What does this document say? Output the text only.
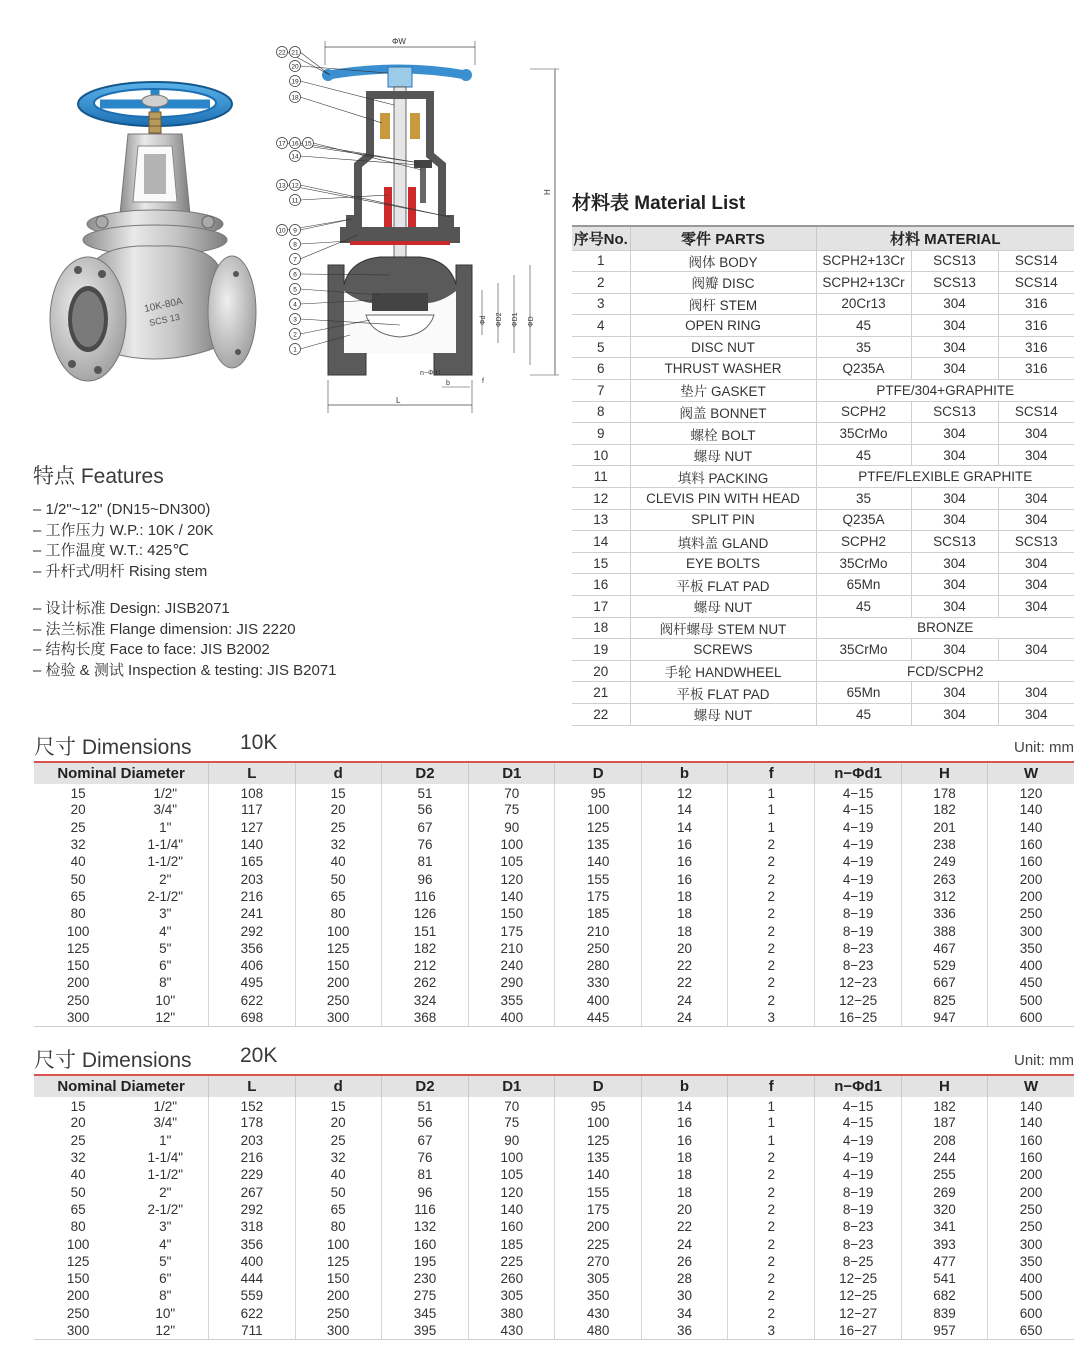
10K-80A
SCS 13
ΦW
H
Φd ΦD2 ΦD1 ΦD
n−Φd1
b	f
L
22 21
20
19
18
17 16 15
14
13 12
11
10 9
8
7
6
5
4
3
2
1
特点 Features
– 1/2"~12" (DN15~DN300)
– 工作压力 W.P.: 10K / 20K
– 工作温度 W.T.: 425℃
– 升杆式/明杆 Rising stem
– 设计标准 Design: JISB2071
– 法兰标准 Flange dimension: JIS 2220
– 结构长度 Face to face: JIS B2002
– 检验 & 测试 Inspection & testing: JIS B2071
材料表 Material List
序号No.	零件 PARTS	材料 MATERIAL		
1	阀体 BODY	SCPH2+13Cr	SCS13	SCS14
2	阀瓣 DISC	SCPH2+13Cr	SCS13	SCS14
3	阀杆 STEM	20Cr13	304	316
4	OPEN RING	45	304	316
5	DISC NUT	35	304	316
6	THRUST WASHER	Q235A	304	316
7	垫片 GASKET	PTFE/304+GRAPHITE		
8	阀盖 BONNET	SCPH2	SCS13	SCS14
9	螺栓 BOLT	35CrMo	304	304
10	螺母 NUT	45	304	304
11	填料 PACKING	PTFE/FLEXIBLE GRAPHITE		
12	CLEVIS PIN WITH HEAD	35	304	304
13	SPLIT PIN	Q235A	304	304
14	填料盖 GLAND	SCPH2	SCS13	SCS13
15	EYE BOLTS	35CrMo	304	304
16	平板 FLAT PAD	65Mn	304	304
17	螺母 NUT	45	304	304
18	阀杆螺母 STEM NUT	BRONZE		
19	SCREWS	35CrMo	304	304
20	手轮 HANDWHEEL	FCD/SCPH2		
21	平板 FLAT PAD	65Mn	304	304
22	螺母 NUT	45	304	304
尺寸 Dimensions 10K	Unit: mm
Nominal Diameter		L	d	D2	D1	D	b	f	n−Φd1	H	W
15	1/2"	108	15	51	70	95	12	1	4−15	178	120
20	3/4"	117	20	56	75	100	14	1	4−15	182	140
25	1"	127	25	67	90	125	14	1	4−19	201	140
32	1-1/4"	140	32	76	100	135	16	2	4−19	238	160
40	1-1/2"	165	40	81	105	140	16	2	4−19	249	160
50	2"	203	50	96	120	155	16	2	4−19	263	200
65	2-1/2"	216	65	116	140	175	18	2	4−19	312	200
80	3"	241	80	126	150	185	18	2	8−19	336	250
100	4"	292	100	151	175	210	18	2	8−19	388	300
125	5"	356	125	182	210	250	20	2	8−23	467	350
150	6"	406	150	212	240	280	22	2	8−23	529	400
200	8"	495	200	262	290	330	22	2	12−23	667	450
250	10"	622	250	324	355	400	24	2	12−25	825	500
300	12"	698	300	368	400	445	24	3	16−25	947	600
尺寸 Dimensions 20K	Unit: mm
Nominal Diameter		L	d	D2	D1	D	b	f	n−Φd1	H	W
15	1/2"	152	15	51	70	95	14	1	4−15	182	140
20	3/4"	178	20	56	75	100	16	1	4−15	187	140
25	1"	203	25	67	90	125	16	1	4−19	208	160
32	1-1/4"	216	32	76	100	135	18	2	4−19	244	160
40	1-1/2"	229	40	81	105	140	18	2	4−19	255	200
50	2"	267	50	96	120	155	18	2	8−19	269	200
65	2-1/2"	292	65	116	140	175	20	2	8−19	320	250
80	3"	318	80	132	160	200	22	2	8−23	341	250
100	4"	356	100	160	185	225	24	2	8−23	393	300
125	5"	400	125	195	225	270	26	2	8−25	477	350
150	6"	444	150	230	260	305	28	2	12−25	541	400
200	8"	559	200	275	305	350	30	2	12−25	682	500
250	10"	622	250	345	380	430	34	2	12−27	839	600
300	12"	711	300	395	430	480	36	3	16−27	957	650
